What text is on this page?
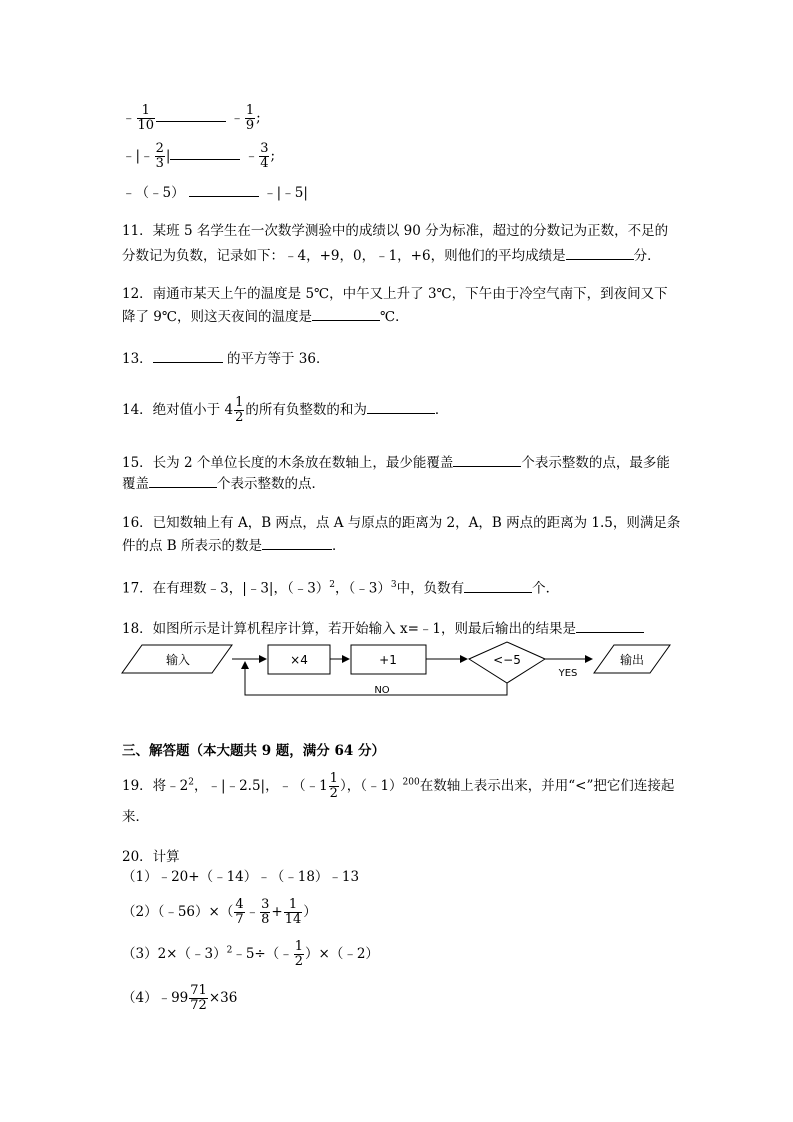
﹣ $\frac{1}{10}$	﹣ $\frac{1}{9}$ ;
﹣|﹣ $\frac{2}{3}$ |	﹣ $\frac{3}{4}$ ;
﹣（﹣5）	﹣|﹣5|
11．某班 5 名学生在一次数学测验中的成绩以 90 分为标准，超过的分数记为正数，不足的
分数记为负数，记录如下：﹣4，+9，0，﹣1，+6，则他们的平均成绩是	分．
12．南通市某天上午的温度是 5℃，中午又上升了 3℃，下午由于冷空气南下，到夜间又下
降了 9℃，则这天夜间的温度是	℃．
13．	的平方等于 36．
14．绝对值小于 $4 \frac{1}{2}$ 的所有负整数的和为	．
15．长为 2 个单位长度的木条放在数轴上，最少能覆盖	个表示整数的点，最多能
覆盖	个表示整数的点．
16．已知数轴上有 A，B 两点，点 A 与原点的距离为 2，A，B 两点的距离为 1.5，则满足条
件的点 B 所表示的数是	．
17．在有理数﹣3，|﹣3|，（﹣3）$^2$，（﹣3）$^3$中，负数有	个．
18．如图所示是计算机程序计算，若开始输入 x=﹣1，则最后输出的结果是
输入	×4	+1	<−5
YES
输出
NO
三、解答题（本大题共 9 题，满分 64 分）
19．将$﹣2^2$，﹣|﹣2.5|，﹣（﹣1 $\frac{1}{2}$ ），（﹣1）$^{200}$在数轴上表示出来，并用“<”把它们连接起
来．
20．计算
（1）﹣20+（﹣14）﹣（﹣18）﹣13
（2）（﹣56）×（ $\frac{4}{7}$ ﹣ $\frac{3}{8} + \frac{1}{14}$ ）
（3）2×（﹣3）$^2$﹣5÷（﹣ $\frac{1}{2}$ ）×（﹣2）
（4）﹣99 $\frac{71}{72} \times 36$
